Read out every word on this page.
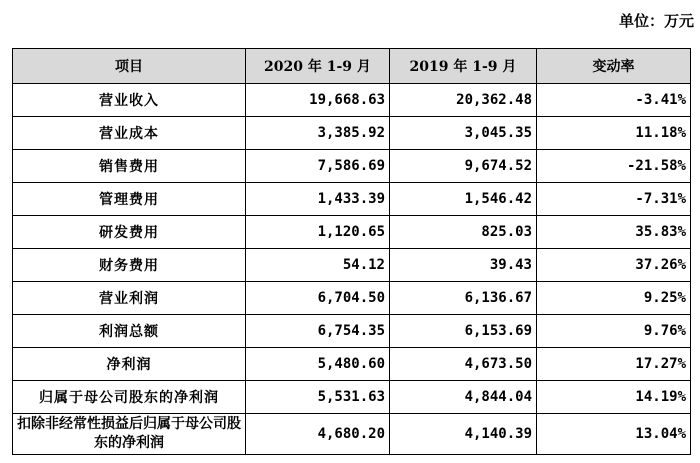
单位：万元
项目	2020 年 1-9 月	2019 年 1-9 月	变动率
营业收入	19,668.63	20,362.48	-3.41%
营业成本	3,385.92	3,045.35	11.18%
销售费用	7,586.69	9,674.52	-21.58%
管理费用	1,433.39	1,546.42	-7.31%
研发费用	1,120.65	825.03	35.83%
财务费用	54.12	39.43	37.26%
营业利润	6,704.50	6,136.67	9.25%
利润总额	6,754.35	6,153.69	9.76%
净利润	5,480.60	4,673.50	17.27%
归属于母公司股东的净利润	5,531.63	4,844.04	14.19%
扣除非经常性损益后归属于母公司股东的净利润	4,680.20	4,140.39	13.04%
